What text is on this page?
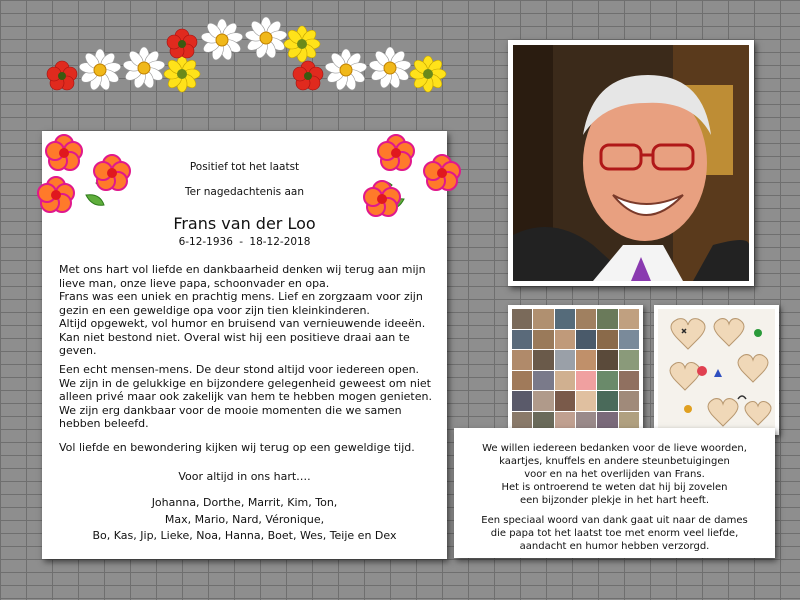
Positief tot het laatst
Ter nagedachtenis aan
Frans van der Loo
6-12-1936 - 18-12-2018
Met ons hart vol liefde en dankbaarheid denken wij terug aan mijn
lieve man, onze lieve papa, schoonvader en opa.
Frans was een uniek en prachtig mens. Lief en zorgzaam voor zijn
gezin en een geweldige opa voor zijn tien kleinkinderen.
Altijd opgewekt, vol humor en bruisend van vernieuwende ideeën.
Kan niet bestond niet. Overal wist hij een positieve draai aan te
geven.
Een echt mensen-mens. De deur stond altijd voor iedereen open.
We zijn in de gelukkige en bijzondere gelegenheid geweest om niet
alleen privé maar ook zakelijk van hem te hebben mogen genieten.
We zijn erg dankbaar voor de mooie momenten die we samen
hebben beleefd.
Vol liefde en bewondering kijken wij terug op een geweldige tijd.
Voor altijd in ons hart….
Johanna, Dorthe, Marrit, Kim, Ton,
Max, Mario, Nard, Véronique,
Bo, Kas, Jip, Lieke, Noa, Hanna, Boet, Wes, Teije en Dex
We willen iedereen bedanken voor de lieve woorden,
kaartjes, knuffels en andere steunbetuigingen
voor en na het overlijden van Frans.
Het is ontroerend te weten dat hij bij zovelen
een bijzonder plekje in het hart heeft.
Een speciaal woord van dank gaat uit naar de dames
die papa tot het laatst toe met enorm veel liefde,
aandacht en humor hebben verzorgd.
